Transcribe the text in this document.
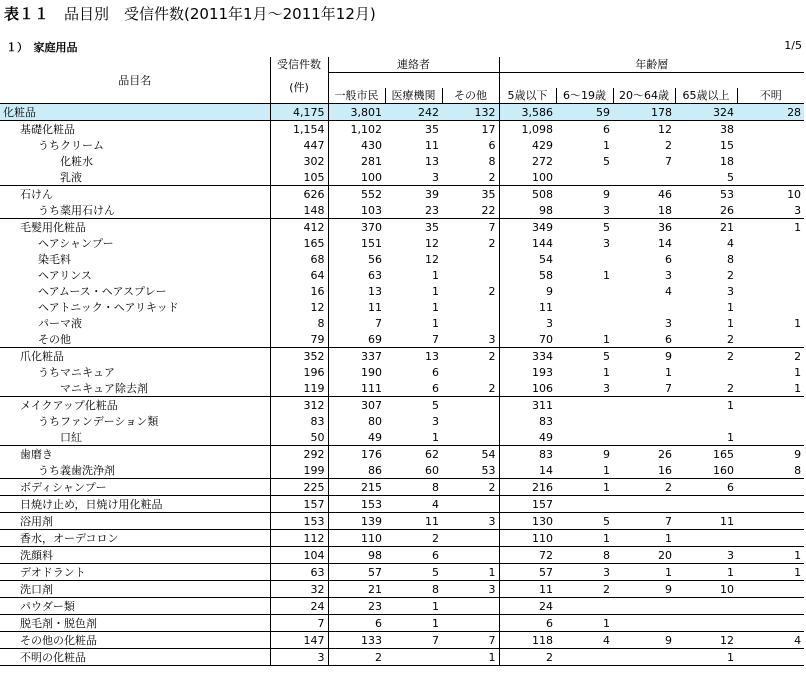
表１１　 品目別　受信件数(2011年1月～2011年12月)
１）　家庭用品	1/5
品目名	受信件数	連絡者			年齢層				
	(件)								
		一般市民	医療機関	その他	5歳以下	6～19歳	20～64歳	65歳以上	不明
化粧品	4,175	3,801	242	132	3,586	59	178	324	28
基礎化粧品	1,154	1,102	35	17	1,098	6	12	38	
うちクリーム	447	430	11	6	429	1	2	15	
化粧水	302	281	13	8	272	5	7	18	
乳液	105	100	3	2	100			5	
石けん	626	552	39	35	508	9	46	53	10
うち薬用石けん	148	103	23	22	98	3	18	26	3
毛髪用化粧品	412	370	35	7	349	5	36	21	1
ヘアシャンプー	165	151	12	2	144	3	14	4	
染毛料	68	56	12		54		6	8	
ヘアリンス	64	63	1		58	1	3	2	
ヘアムース・ヘアスプレー	16	13	1	2	9		4	3	
ヘアトニック・ヘアリキッド	12	11	1		11			1	
パーマ液	8	7	1		3		3	1	1
その他	79	69	7	3	70	1	6	2	
爪化粧品	352	337	13	2	334	5	9	2	2
うちマニキュア	196	190	6		193	1	1		1
マニキュア除去剤	119	111	6	2	106	3	7	2	1
メイクアップ化粧品	312	307	5		311			1	
うちファンデーション類	83	80	3		83				
口紅	50	49	1		49			1	
歯磨き	292	176	62	54	83	9	26	165	9
うち義歯洗浄剤	199	86	60	53	14	1	16	160	8
ボディシャンプー	225	215	8	2	216	1	2	6	
日焼け止め，日焼け用化粧品	157	153	4		157				
浴用剤	153	139	11	3	130	5	7	11	
香水，オーデコロン	112	110	2		110	1	1		
洗顔料	104	98	6		72	8	20	3	1
デオドラント	63	57	5	1	57	3	1	1	1
洗口剤	32	21	8	3	11	2	9	10	
パウダー類	24	23	1		24				
脱毛剤・脱色剤	7	6	1		6	1			
その他の化粧品	147	133	7	7	118	4	9	12	4
不明の化粧品	3	2		1	2			1	
